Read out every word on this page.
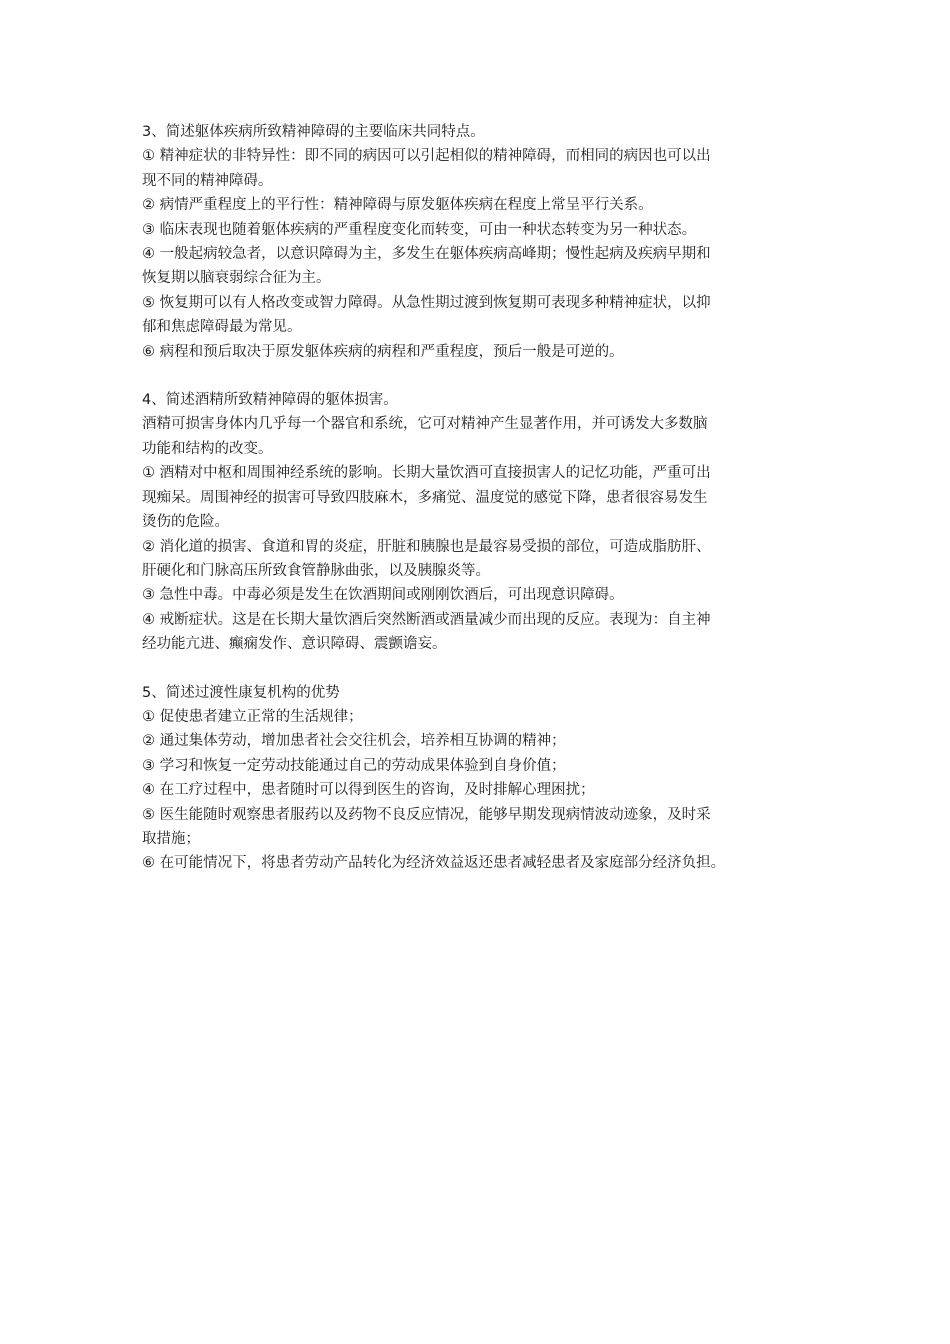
3、简述躯体疾病所致精神障碍的主要临床共同特点。

① 精神症状的非特异性：即不同的病因可以引起相似的精神障碍，而相同的病因也可以出

现不同的精神障碍。

② 病情严重程度上的平行性：精神障碍与原发躯体疾病在程度上常呈平行关系。

③ 临床表现也随着躯体疾病的严重程度变化而转变，可由一种状态转变为另一种状态。

④ 一般起病较急者，以意识障碍为主，多发生在躯体疾病高峰期；慢性起病及疾病早期和

恢复期以脑衰弱综合征为主。

⑤ 恢复期可以有人格改变或智力障碍。从急性期过渡到恢复期可表现多种精神症状，以抑

郁和焦虑障碍最为常见。

⑥ 病程和预后取决于原发躯体疾病的病程和严重程度，预后一般是可逆的。

4、简述酒精所致精神障碍的躯体损害。

酒精可损害身体内几乎每一个器官和系统，它可对精神产生显著作用，并可诱发大多数脑

功能和结构的改变。

① 酒精对中枢和周围神经系统的影响。长期大量饮酒可直接损害人的记忆功能，严重可出

现痴呆。周围神经的损害可导致四肢麻木，多痛觉、温度觉的感觉下降，患者很容易发生

烫伤的危险。

② 消化道的损害、食道和胃的炎症，肝脏和胰腺也是最容易受损的部位，可造成脂肪肝、

肝硬化和门脉高压所致食管静脉曲张，以及胰腺炎等。

③ 急性中毒。中毒必须是发生在饮酒期间或刚刚饮酒后，可出现意识障碍。

④ 戒断症状。这是在长期大量饮酒后突然断酒或酒量减少而出现的反应。表现为：自主神

经功能亢进、癫痫发作、意识障碍、震颤谵妄。

5、简述过渡性康复机构的优势

① 促使患者建立正常的生活规律；

② 通过集体劳动，增加患者社会交往机会，培养相互协调的精神；

③ 学习和恢复一定劳动技能通过自己的劳动成果体验到自身价值；

④ 在工疗过程中，患者随时可以得到医生的咨询，及时排解心理困扰；

⑤ 医生能随时观察患者服药以及药物不良反应情况，能够早期发现病情波动迹象，及时采

取措施；

⑥ 在可能情况下，将患者劳动产品转化为经济效益返还患者减轻患者及家庭部分经济负担。
